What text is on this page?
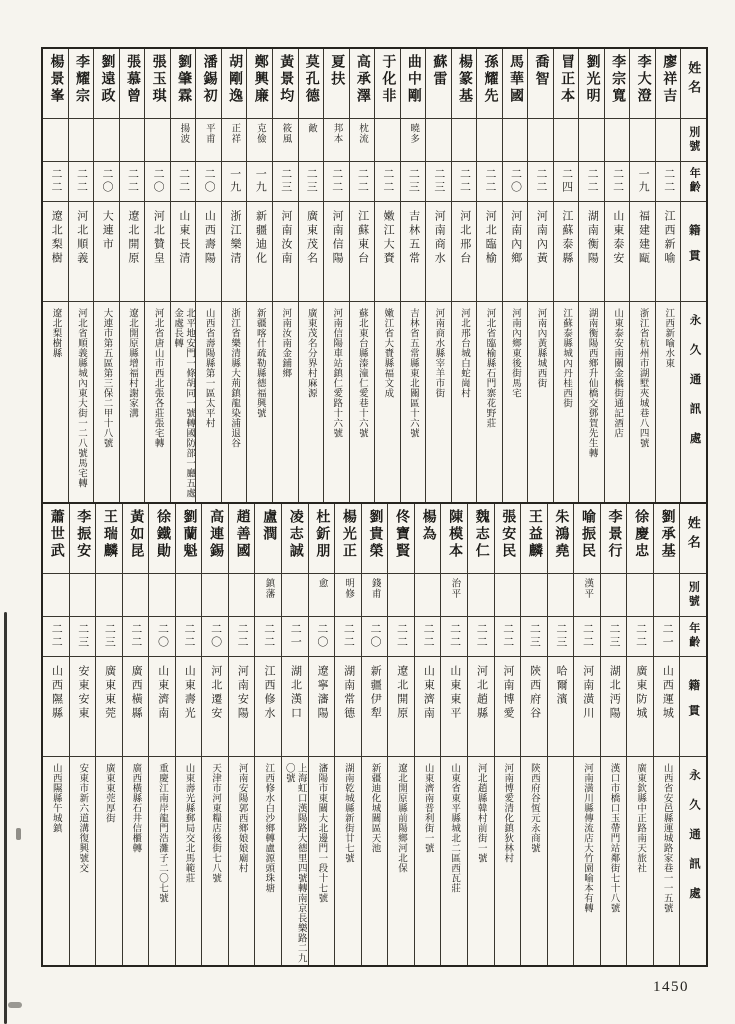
姓名
別號
年齡
籍貫
永久通訊處
廖祥吉
二二
江西新喻
江西新喻水東
李大澄
一九
福建建甌
浙江省杭州市湖墅夾城巷八四號
李宗寬
二二
山東泰安
山東泰安南關金橋街通記酒店
劉光明
二二
湖南衡陽
湖南衡陽西鄉升仙橋交鄧賀先生轉
冒正本
二四
江蘇泰縣
江蘇泰縣城內丹桂西街
喬智
二二
河南內黃
河南內黃縣城西街
馬華國
二〇
河南內鄉
河南內鄉東後街馬宅
孫耀先
二二
河北臨榆
河北省臨榆縣石門寨花野莊
楊篆基
二二
河北邢台
河北邢台城白蛇崗村
蘇雷
二三
河南商水
河南商水縣宰羊市街
曲中剛
曉多
二三
吉林五常
吉林省五常縣東北關區十六號
于化非
二二
嫩江大賚
嫩江省大賚縣福文成
高承澤
枕流
二二
江蘇東台
蘇北東台縣溱潼仁愛巷十六號
夏扶
邦本
二二
河南信陽
河南信陽車站鎮仁愛路十六號
莫孔德
敵
二三
廣東茂名
廣東茂名分界村麻源
黃景均
筱風
二三
河南汝南
河南汝南金鋪鄉
鄭興廉
克儉
一九
新疆迪化
新疆喀什疏勒縣德福興號
胡剛逸
正祥
一九
浙江樂清
浙江省樂清縣大荊鎮龍染浦退谷
潘錫初
平甫
二〇
山西壽陽
山西省壽陽縣第一區太平村
劉肇霖
揚波
二二
山東長清
北平地安門一條胡同一號轉國防部一廳五處金處長轉
張玉琪
二〇
河北贊皇
河北省唐山市西北張各莊張宅轉
張慕曾
二二
遼北開原
遼北開原縣增福村謝家溝
劉遠政
二〇
大連市
大連市第五區第三保二甲十八號
李耀宗
二二
河北順義
河北省順義縣城內東大街一二八號馬宅轉
楊景峯
二二
遼北梨樹
遼北梨樹縣
姓名
別號
年齡
籍貫
永久通訊處
劉承基
二一
山西運城
山西省安邑縣運城路家巷一一五號
徐慶忠
二二
廣東防城
廣東欽縣中正路南天旅社
李景行
二三
湖北沔陽
漢口市橋口玉帶門站鄰街七十八號
喻振民
漢平
二二
河南潢川
河南潢川縣傳流店大竹園喻本有轉
朱鴻堯
二三
哈爾濱
王益麟
二三
陝西府谷
陝西府谷恆元永商號
張安民
二二
河南博愛
河南博愛清化鎮狄林村
魏志仁
二二
河北趙縣
河北趙縣韓村前街一號
陳模本
治平
二二
山東東平
山東省東平縣城北二區西瓦莊
楊為
二二
山東濟南
山東濟南普利街一號
佟寶賢
二二
遼北開原
遼北開原縣前陽鄉河北保
劉貴榮
錢甫
二〇
新疆伊犁
新疆迪化城關區天池
楊光正
明修
二二
湖南常德
湖南乾城縣新街廿七號
杜釿朋
愈
二〇
遼寧瀋陽
瀋陽市東關大北邊門一段十七號
凌志誠
二一
湖北漢口
上海虹口漢陽路大德里四號轉南京長樂路二九〇號
盧潤
鎮藩
二二
江西修水
江西修水白沙鄉轉盧源頭珠塘
趙善國
二二
河南安陽
河南安陽郭西鄉娘娘廟村
高連錫
二〇
河北遷安
天津市河東糧店後街七八號
劉蘭魁
二二
山東壽光
山東壽光縣郵局交北馬範莊
徐鐵勛
二〇
山東濟南
重慶江南岸龍門浩灘子二〇七號
黃如昆
二二
廣西橫縣
廣西橫縣石井信櫃轉
王瑞麟
二三
廣東東莞
廣東東莞厚街
李振安
二三
安東安東
安東市新六道溝復興號交
蕭世武
二二
山西隰縣
山西隰縣午城鎮
1450
